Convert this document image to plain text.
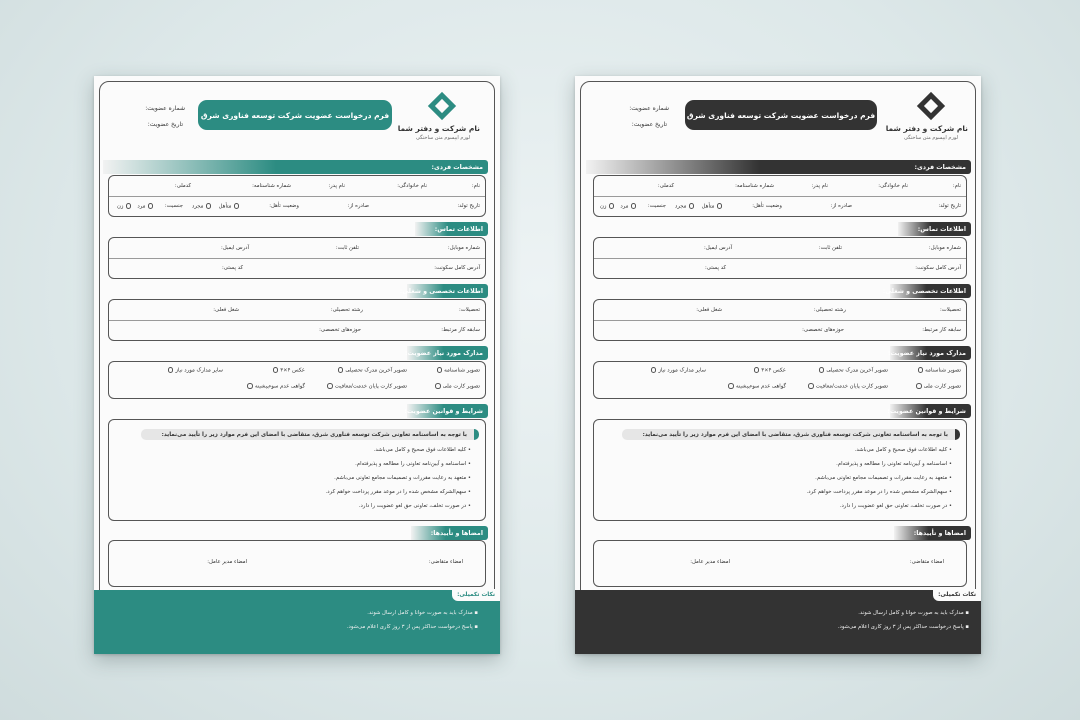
نام شرکت و دفتر شما
لورم ایپسوم متن ساختگی
فرم درخواست عضویت شرکت توسعه فناوری شرق
شماره عضویت:
تاریخ عضویت:
مشخصات فردی:
نام:
نام خانوادگی:
نام پدر:
شماره شناسنامه:
کدملی:
تاریخ تولد:
صادره از:
وضعیت تأهل:
متأهل
مجرد
جنسیت:
مرد
زن
اطلاعات تماس:
شماره موبایل:
تلفن ثابت:
آدرس ایمیل:
آدرس کامل سکونت:
کد پستی:
اطلاعات تخصصی و شغلی:
تحصیلات:
رشته تحصیلی:
شغل فعلی:
سابقه کار مرتبط:
حوزه‌های تخصصی:
مدارک مورد نیاز عضویت:
تصویر شناسنامه
تصویر آخرین مدرک تحصیلی
عکس ۴×۳
سایر مدارک مورد نیاز
تصویر کارت ملی
تصویر کارت پایان خدمت/معافیت
گواهی عدم سوءپیشینه
شرایط و قوانین عضویت:
با توجه به اساسنامه تعاونی شرکت توسعه فناوری شرق، متقاضی با امضای این فرم موارد زیر را تأیید می‌نماید:
• کلیه اطلاعات فوق صحیح و کامل می‌باشد.
• اساسنامه و آیین‌نامه تعاونی را مطالعه و پذیرفته‌ام.
• متعهد به رعایت مقررات و تصمیمات مجامع تعاونی می‌باشم.
• سهم‌الشرکه مشخص شده را در موعد مقرر پرداخت خواهم کرد.
• در صورت تخلف، تعاونی حق لغو عضویت را دارد.
امضاها و تأییدها:
امضاء متقاضی:
امضاء مدیر عامل:
نکات تکمیلی:
▪ مدارک باید به صورت خوانا و کامل ارسال شوند.
▪ پاسخ درخواست حداکثر پس از ۳ روز کاری اعلام می‌شود.
نام شرکت و دفتر شما
لورم ایپسوم متن ساختگی
فرم درخواست عضویت شرکت توسعه فناوری شرق
شماره عضویت:
تاریخ عضویت:
مشخصات فردی:
نام:
نام خانوادگی:
نام پدر:
شماره شناسنامه:
کدملی:
تاریخ تولد:
صادره از:
وضعیت تأهل:
متأهل
مجرد
جنسیت:
مرد
زن
اطلاعات تماس:
شماره موبایل:
تلفن ثابت:
آدرس ایمیل:
آدرس کامل سکونت:
کد پستی:
اطلاعات تخصصی و شغلی:
تحصیلات:
رشته تحصیلی:
شغل فعلی:
سابقه کار مرتبط:
حوزه‌های تخصصی:
مدارک مورد نیاز عضویت:
تصویر شناسنامه
تصویر آخرین مدرک تحصیلی
عکس ۴×۳
سایر مدارک مورد نیاز
تصویر کارت ملی
تصویر کارت پایان خدمت/معافیت
گواهی عدم سوءپیشینه
شرایط و قوانین عضویت:
با توجه به اساسنامه تعاونی شرکت توسعه فناوری شرق، متقاضی با امضای این فرم موارد زیر را تأیید می‌نماید:
• کلیه اطلاعات فوق صحیح و کامل می‌باشد.
• اساسنامه و آیین‌نامه تعاونی را مطالعه و پذیرفته‌ام.
• متعهد به رعایت مقررات و تصمیمات مجامع تعاونی می‌باشم.
• سهم‌الشرکه مشخص شده را در موعد مقرر پرداخت خواهم کرد.
• در صورت تخلف، تعاونی حق لغو عضویت را دارد.
امضاها و تأییدها:
امضاء متقاضی:
امضاء مدیر عامل:
نکات تکمیلی:
▪ مدارک باید به صورت خوانا و کامل ارسال شوند.
▪ پاسخ درخواست حداکثر پس از ۳ روز کاری اعلام می‌شود.
